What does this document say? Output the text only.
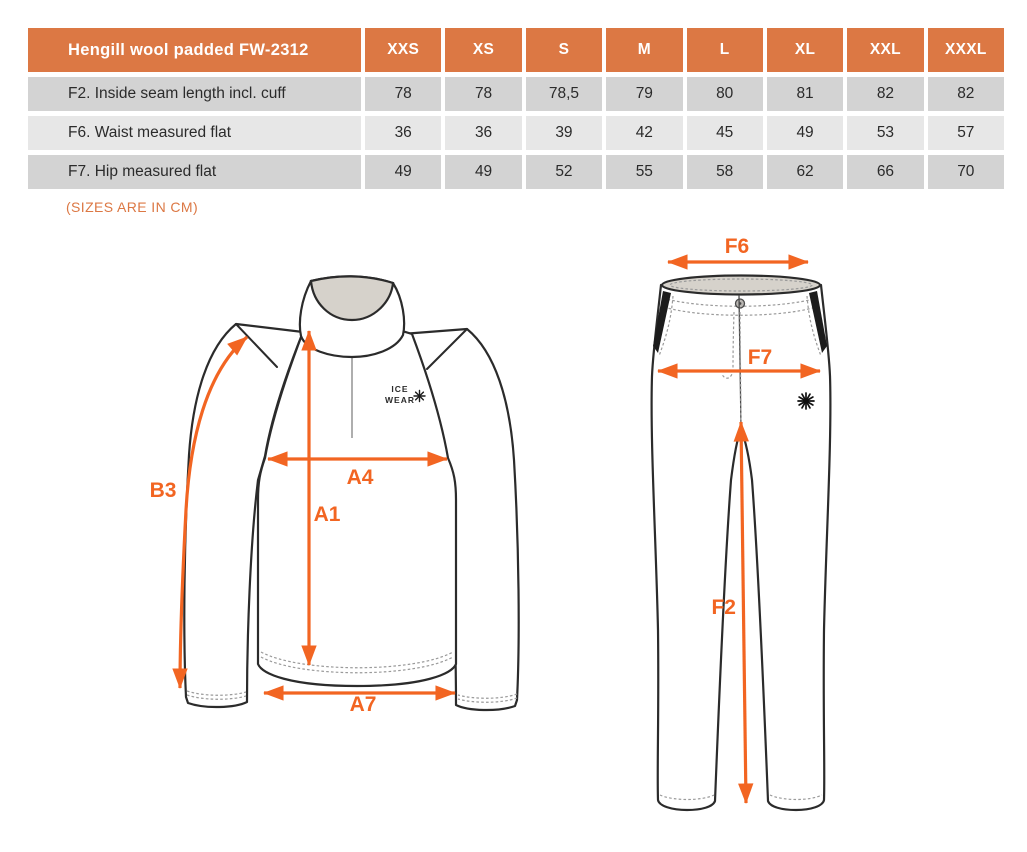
Hengill wool padded FW-2312	XXS	XS	S	M	L	XL	XXL	XXXL
F2. Inside seam length incl. cuff	78	78	78,5	79	80	81	82	82
F6. Waist measured flat	36	36	39	42	45	49	53	57
F7. Hip measured flat	49	49	52	55	58	62	66	70
(SIZES ARE IN CM)
ICE
WEAR
B3
A4
A1
A7
F6
F7
F2
